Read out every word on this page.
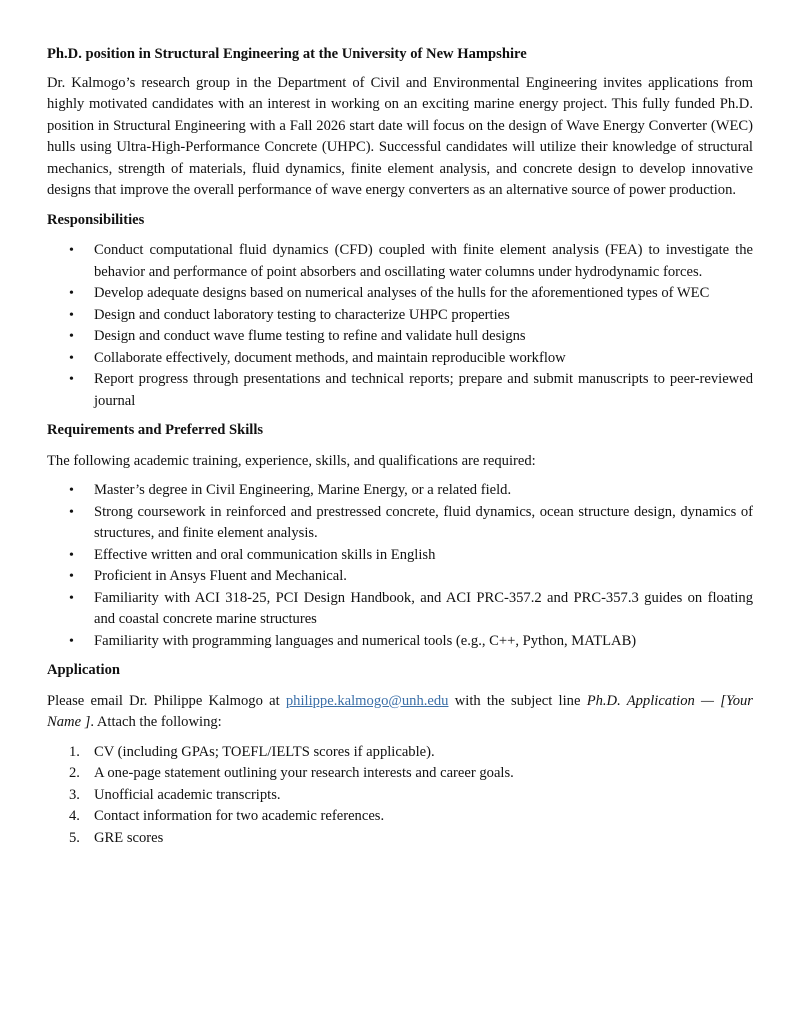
Ph.D. position in Structural Engineering at the University of New Hampshire

Dr. Kalmogo’s research group in the Department of Civil and Environmental Engineering invites applications from highly motivated candidates with an interest in working on an exciting marine energy project. This fully funded Ph.D. position in Structural Engineering with a Fall 2026 start date will focus on the design of Wave Energy Converter (WEC) hulls using Ultra-High-Performance Concrete (UHPC). Successful candidates will utilize their knowledge of structural mechanics, strength of materials, fluid dynamics, finite element analysis, and concrete design to develop innovative designs that improve the overall performance of wave energy converters as an alternative source of power production.

Responsibilities
• Conduct computational fluid dynamics (CFD) coupled with finite element analysis (FEA) to investigate the behavior and performance of point absorbers and oscillating water columns under hydrodynamic forces.
• Develop adequate designs based on numerical analyses of the hulls for the aforementioned types of WEC
• Design and conduct laboratory testing to characterize UHPC properties
• Design and conduct wave flume testing to refine and validate hull designs
• Collaborate effectively, document methods, and maintain reproducible workflow
• Report progress through presentations and technical reports; prepare and submit manuscripts to peer-reviewed journal
Requirements and Preferred Skills

The following academic training, experience, skills, and qualifications are required:

• Master’s degree in Civil Engineering, Marine Energy, or a related field.
• Strong coursework in reinforced and prestressed concrete, fluid dynamics, ocean structure design, dynamics of structures, and finite element analysis.
• Effective written and oral communication skills in English
• Proficient in Ansys Fluent and Mechanical.
• Familiarity with ACI 318-25, PCI Design Handbook, and ACI PRC-357.2 and PRC-357.3 guides on floating and coastal concrete marine structures
• Familiarity with programming languages and numerical tools (e.g., C++, Python, MATLAB)
Application

Please email Dr. Philippe Kalmogo at philippe.kalmogo@unh.edu with the subject line Ph.D. Application — [Your Name ]. Attach the following:

1. CV (including GPAs; TOEFL/IELTS scores if applicable).
2. A one-page statement outlining your research interests and career goals.
3. Unofficial academic transcripts.
4. Contact information for two academic references.
5. GRE scores
